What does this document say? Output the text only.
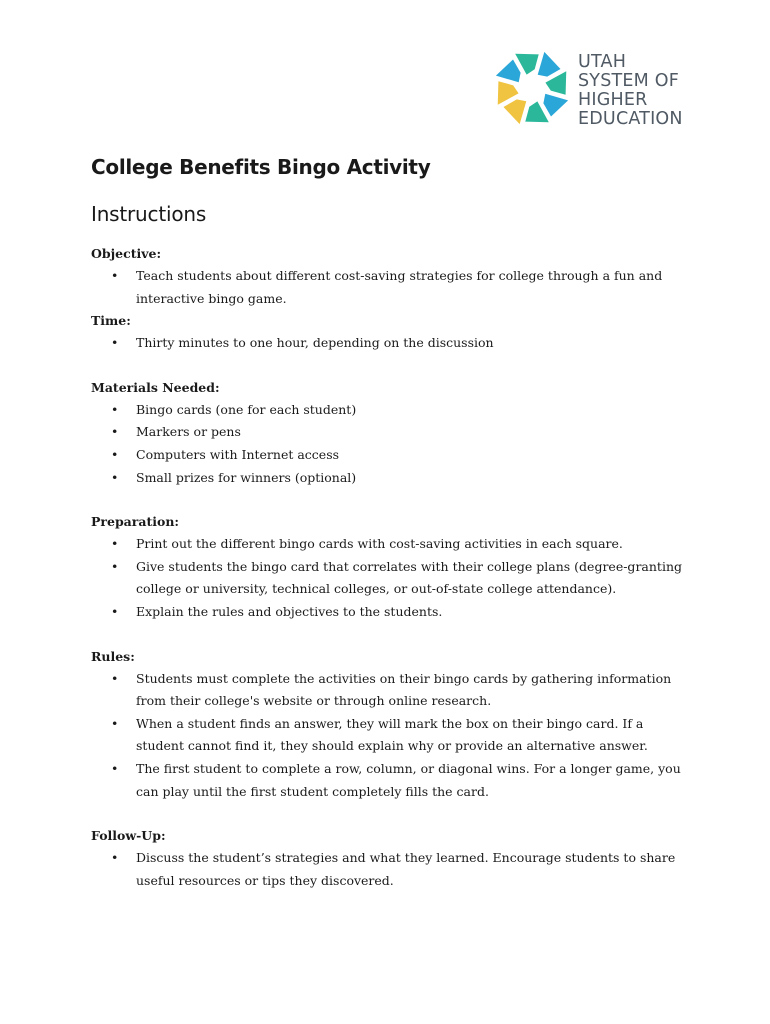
UTAH
SYSTEM OF
HIGHER
EDUCATION
College Benefits Bingo Activity
Instructions
Objective:
• Teach students about different cost-saving strategies for college through a fun and interactive bingo game.
Time:
• Thirty minutes to one hour, depending on the discussion
Materials Needed:
• Bingo cards (one for each student)
• Markers or pens
• Computers with Internet access
• Small prizes for winners (optional)
Preparation:
• Print out the different bingo cards with cost-saving activities in each square.
• Give students the bingo card that correlates with their college plans (degree-granting college or university, technical colleges, or out-of-state college attendance).
• Explain the rules and objectives to the students.
Rules:
• Students must complete the activities on their bingo cards by gathering information from their college's website or through online research.
• When a student finds an answer, they will mark the box on their bingo card. If a student cannot find it, they should explain why or provide an alternative answer.
• The first student to complete a row, column, or diagonal wins. For a longer game, you can play until the first student completely fills the card.
Follow-Up:
• Discuss the student’s strategies and what they learned. Encourage students to share useful resources or tips they discovered.
